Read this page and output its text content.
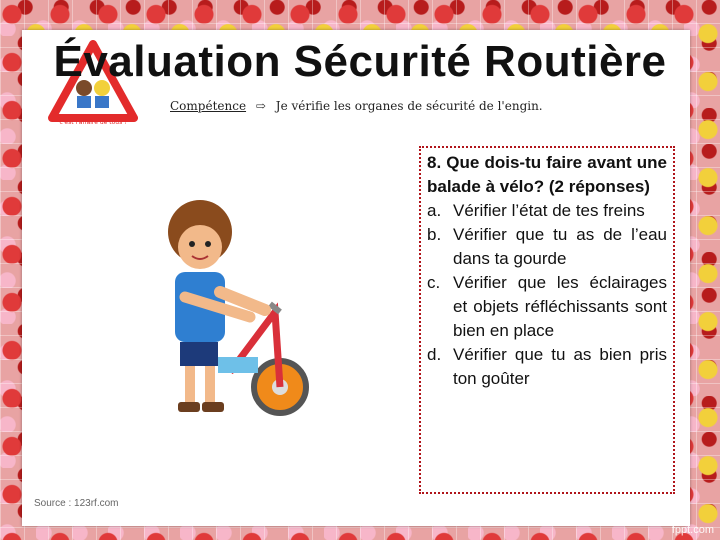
c'est l'affaire de tous !
Évaluation Sécurité Routière
Compétence ⇨ Je vérifie les organes de sécurité de l'engin.
Source : 123rf.com
8. Que dois-tu faire avant une balade à vélo? (2 réponses)
a. Vérifier l’état de tes freins
b. Vérifier que tu as de l’eau dans ta gourde
c. Vérifier que les éclairages et objets réfléchissants sont bien en place
d. Vérifier que tu as bien pris ton goûter
fppt.com
